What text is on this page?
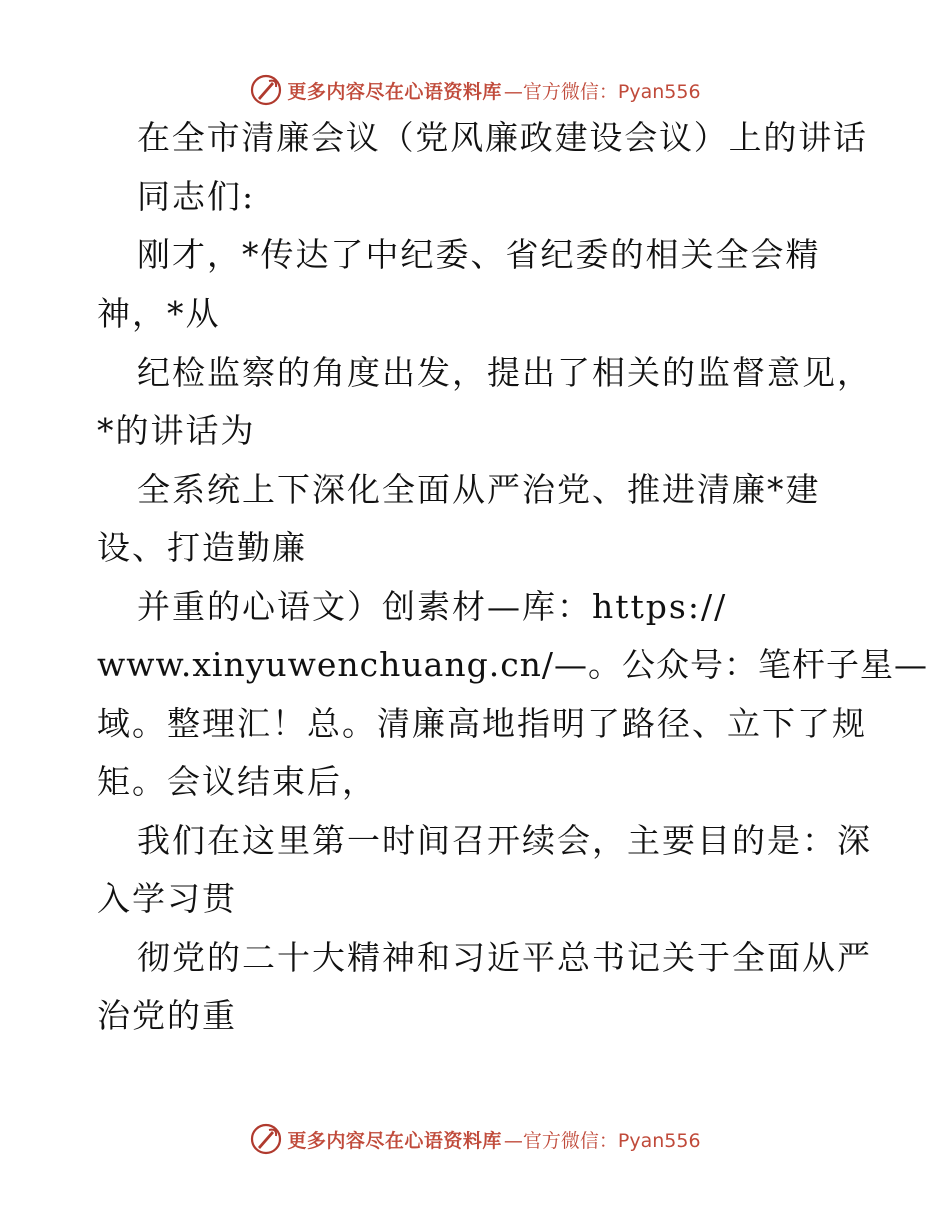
更多内容尽在心语资料库 —官方微信：Pyan556
在全市清廉会议（党风廉政建设会议）上的讲话
同志们:
刚才，*传达了中纪委、省纪委的相关全会精
神，*从
纪检监察的角度出发，提出了相关的监督意见，
*的讲话为
全系统上下深化全面从严治党、推进清廉*建
设、打造勤廉
并重的心语文）创素材—库：https://
www.xinyuwenchuang.cn/—。公众号：笔杆子星—
域。整理汇！总。清廉高地指明了路径、立下了规
矩。会议结束后，
我们在这里第一时间召开续会，主要目的是：深
入学习贯
彻党的二十大精神和习近平总书记关于全面从严
治党的重
更多内容尽在心语资料库 —官方微信：Pyan556
